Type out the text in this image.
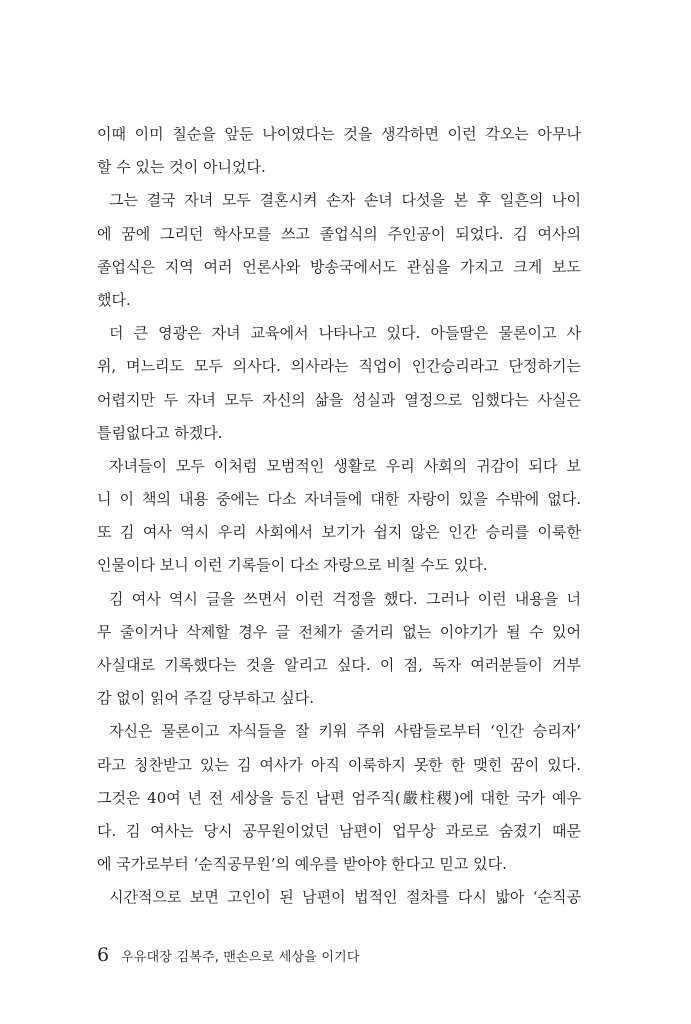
이때 이미 칠순을 앞둔 나이였다는 것을 생각하면 이런 각오는 아무나
할 수 있는 것이 아니었다.
그는 결국 자녀 모두 결혼시켜 손자 손녀 다섯을 본 후 일흔의 나이
에 꿈에 그리던 학사모를 쓰고 졸업식의 주인공이 되었다. 김 여사의
졸업식은 지역 여러 언론사와 방송국에서도 관심을 가지고 크게 보도
했다.
더 큰 영광은 자녀 교육에서 나타나고 있다. 아들딸은 물론이고 사
위, 며느리도 모두 의사다. 의사라는 직업이 인간승리라고 단정하기는
어렵지만 두 자녀 모두 자신의 삶을 성실과 열정으로 임했다는 사실은
틀림없다고 하겠다.
자녀들이 모두 이처럼 모범적인 생활로 우리 사회의 귀감이 되다 보
니 이 책의 내용 중에는 다소 자녀들에 대한 자랑이 있을 수밖에 없다.
또 김 여사 역시 우리 사회에서 보기가 쉽지 않은 인간 승리를 이룩한
인물이다 보니 이런 기록들이 다소 자랑으로 비칠 수도 있다.
김 여사 역시 글을 쓰면서 이런 걱정을 했다. 그러나 이런 내용을 너
무 줄이거나 삭제할 경우 글 전체가 줄거리 없는 이야기가 될 수 있어
사실대로 기록했다는 것을 알리고 싶다. 이 점, 독자 여러분들이 거부
감 없이 읽어 주길 당부하고 싶다.
자신은 물론이고 자식들을 잘 키워 주위 사람들로부터 ‘인간 승리자’
라고 칭찬받고 있는 김 여사가 아직 이룩하지 못한 한 맺힌 꿈이 있다.
그것은 40여 년 전 세상을 등진 남편 엄주직(嚴柱稷)에 대한 국가 예우
다. 김 여사는 당시 공무원이었던 남편이 업무상 과로로 숨졌기 때문
에 국가로부터 ‘순직공무원’의 예우를 받아야 한다고 믿고 있다.
시간적으로 보면 고인이 된 남편이 법적인 절차를 다시 밟아 ‘순직공
6 우유대장 김복주, 맨손으로 세상을 이기다
